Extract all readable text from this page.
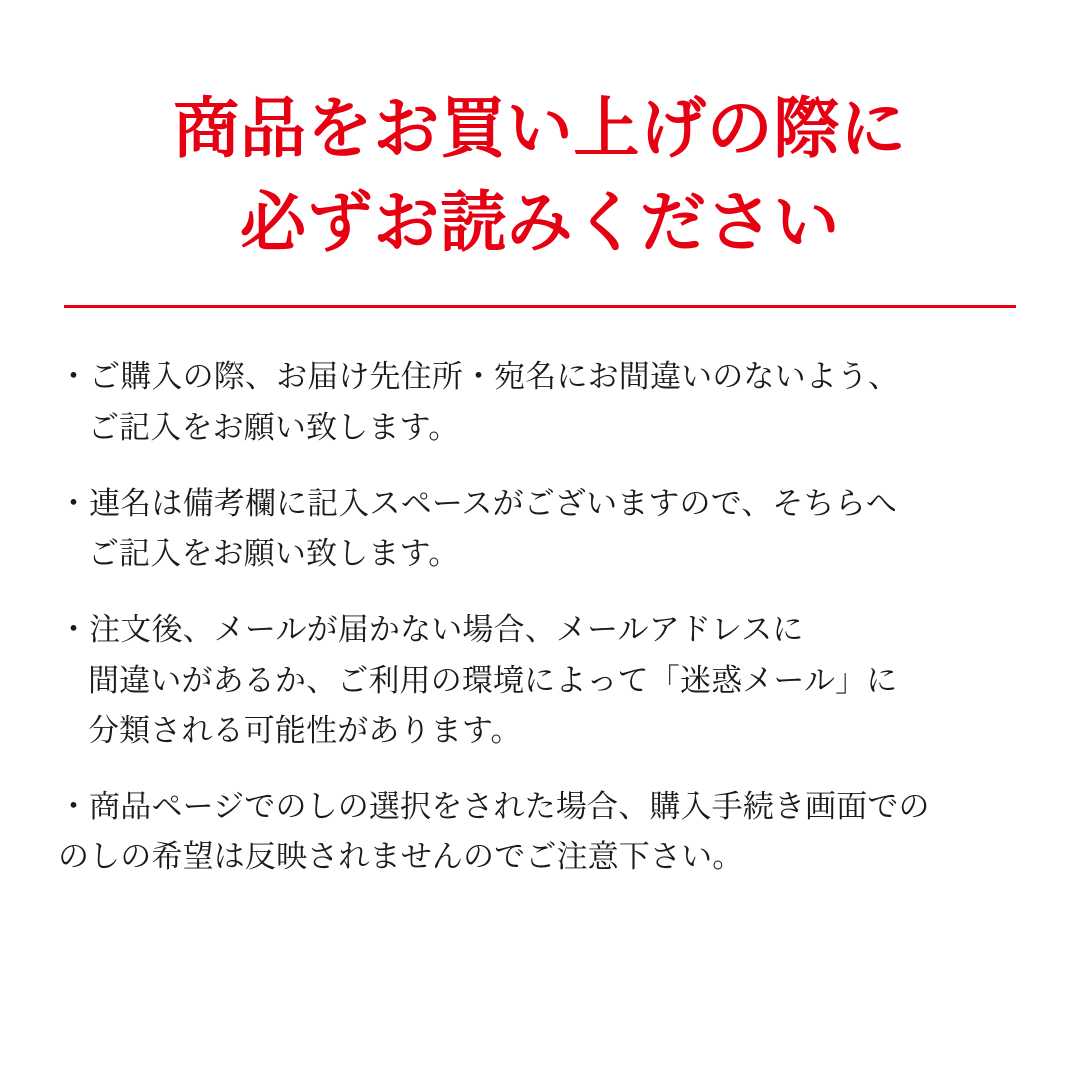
商品をお買い上げの際に
必ずお読みください
・ご購入の際、お届け先住所・宛名にお間違いのないよう、
ご記入をお願い致します。
・連名は備考欄に記入スペースがございますので、そちらへ
ご記入をお願い致します。
・注文後、メールが届かない場合、メールアドレスに
間違いがあるか、ご利用の環境によって「迷惑メール」に
分類される可能性があります。
・商品ページでのしの選択をされた場合、購入手続き画面での
のしの希望は反映されませんのでご注意下さい。
